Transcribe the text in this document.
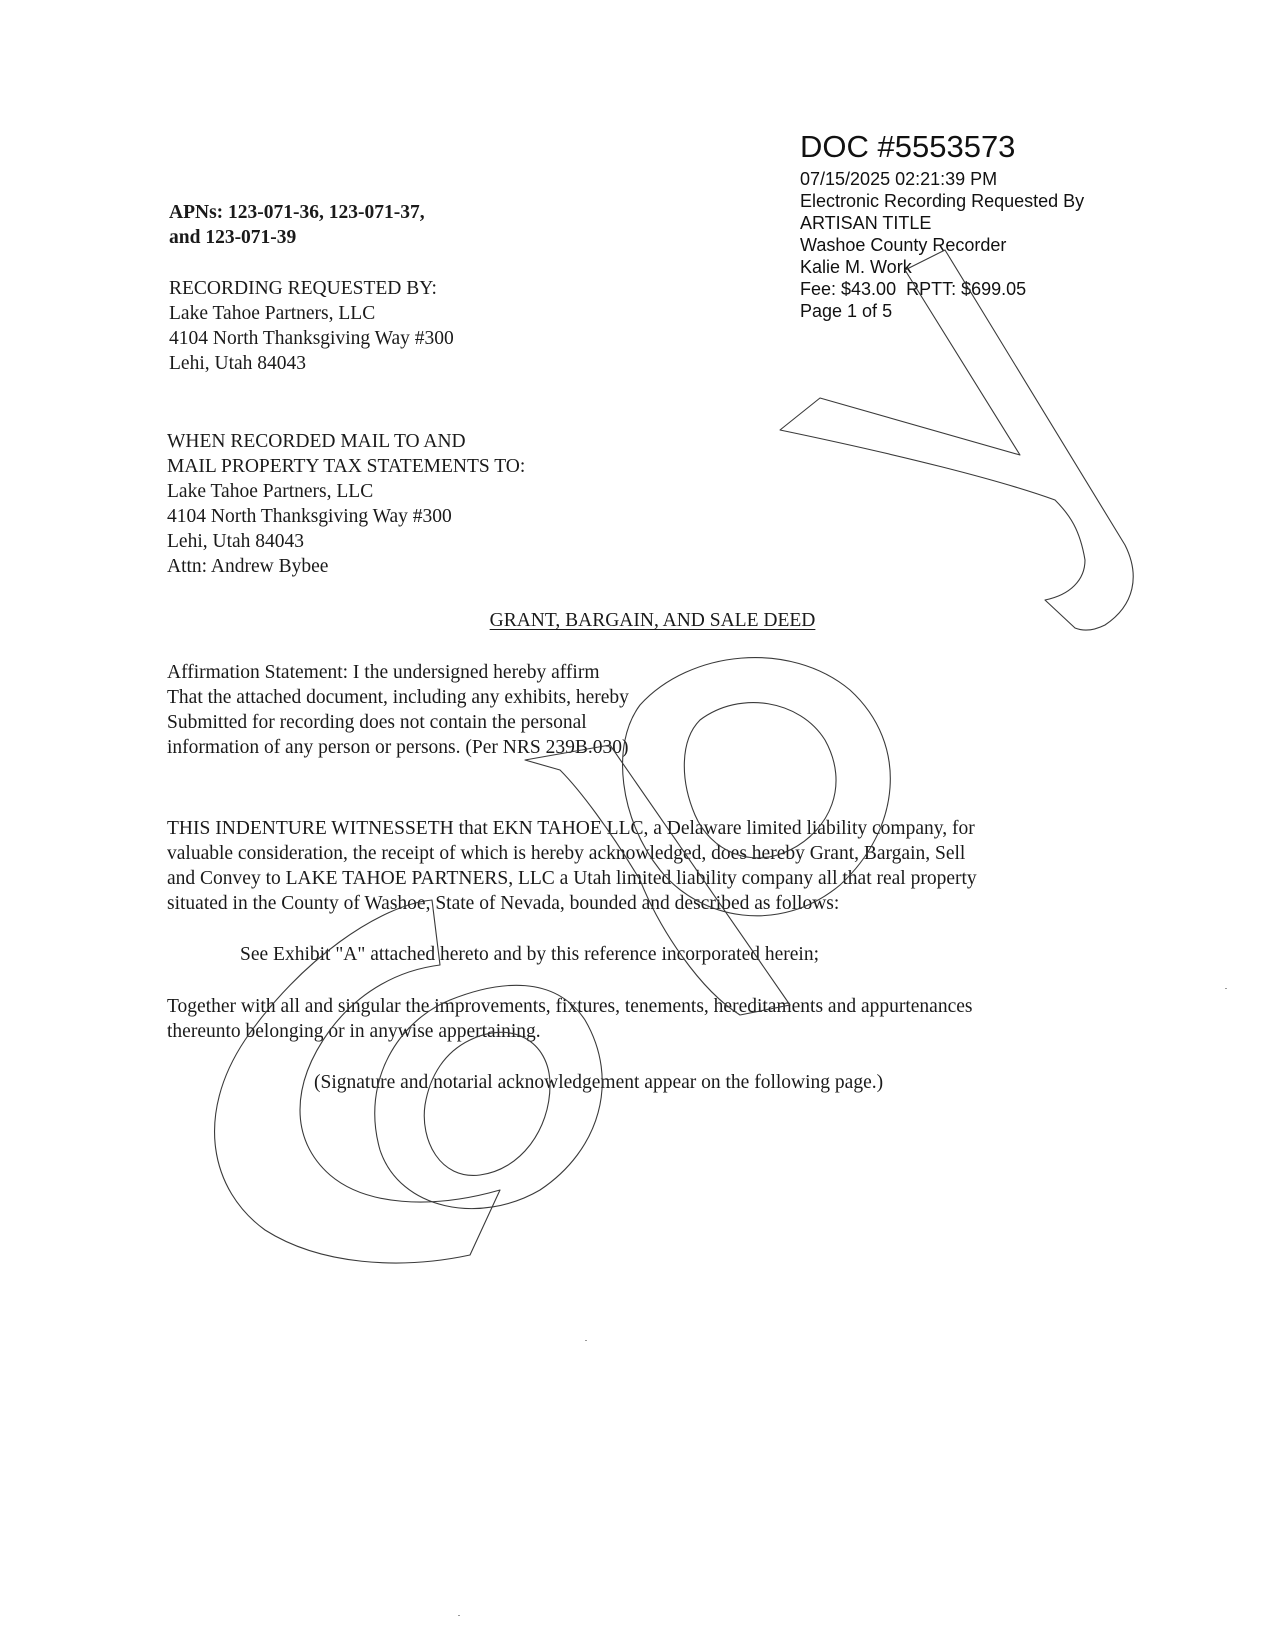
DOC #5553573
07/15/2025 02:21:39 PM
Electronic Recording Requested By
ARTISAN TITLE
Washoe County Recorder
Kalie M. Work
Fee: $43.00  RPTT: $699.05
Page 1 of 5
APNs: 123-071-36, 123-071-37,
and 123-071-39
RECORDING REQUESTED BY:
Lake Tahoe Partners, LLC
4104 North Thanksgiving Way #300
Lehi, Utah 84043
WHEN RECORDED MAIL TO AND
MAIL PROPERTY TAX STATEMENTS TO:
Lake Tahoe Partners, LLC
4104 North Thanksgiving Way #300
Lehi, Utah 84043
Attn: Andrew Bybee
GRANT, BARGAIN, AND SALE DEED
Affirmation Statement: I the undersigned hereby affirm
That the attached document, including any exhibits, hereby
Submitted for recording does not contain the personal
information of any person or persons. (Per NRS 239B.030)
THIS INDENTURE WITNESSETH that EKN TAHOE LLC, a Delaware limited liability company, for
valuable consideration, the receipt of which is hereby acknowledged, does hereby Grant, Bargain, Sell
and Convey to LAKE TAHOE PARTNERS, LLC a Utah limited liability company all that real property
situated in the County of Washoe, State of Nevada, bounded and described as follows:
See Exhibit "A" attached hereto and by this reference incorporated herein;
Together with all and singular the improvements, fixtures, tenements, hereditaments and appurtenances
thereunto belonging or in anywise appertaining.
(Signature and notarial acknowledgement appear on the following page.)
